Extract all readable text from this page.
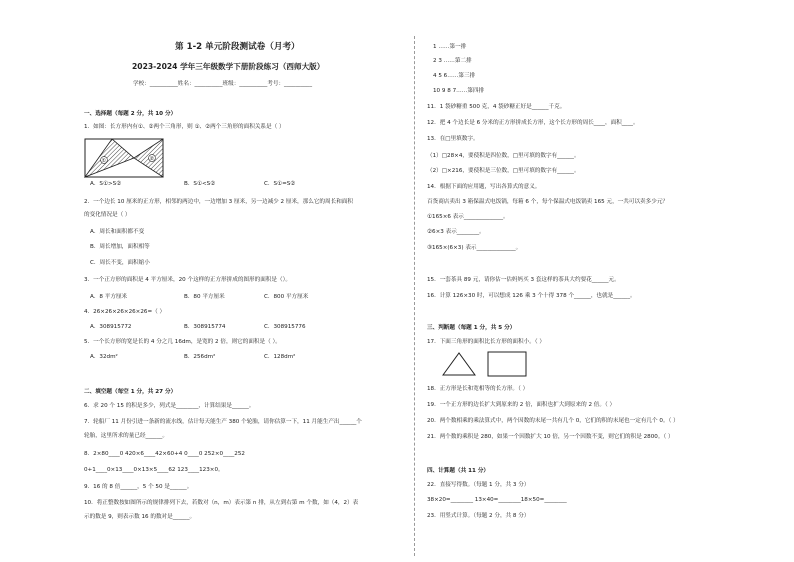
第 1-2 单元阶段测试卷（月考）
2023-2024 学年三年级数学下册阶段练习（西师大版）
学校：__________姓名：__________班级：__________考号：__________
一、选择题（每题 2 分，共 10 分）
1．如图：长方形内有①、②两个三角形，则 ①、②两个三角形的面积关系是（ ）
①	②
A．S①>S②	B．S①<S②	C．S①=S②
2．一个边长 10 厘米的正方形，相邻的两边中，一边增加 3 厘米，另一边减少 2 厘米，那么它的周长和面积
的变化情况是（ ）
A．周长和面积都不变
B．周长增加，面积相等
C．周长不变，面积缩小
3．一个正方形的面积是 4 平方厘米，20 个这样的正方形拼成的图形的面积是（）。
A．8 平方厘米	B．80 平方厘米	C．800 平方厘米
4．26×26×26×26×26=（ ）
A．308915772	B．308915774	C．308915776
5．一个长方形的宽是长的 4 分之几 16dm，是宽的 2 倍，则它的面积是（ ）。
A．32dm²	B．256dm²	C．128dm²
二、填空题（每空 1 分，共 27 分）
6．求 20 个 15 的积是多少，列式是________，计算结果是______。
7．轮船厂 11 月份引进一条新的流水线，估计每天能生产 380 个轮胎，请你估算一下，11 月能生产出______个
轮胎，这里所求的量已经______。
8．2×80____0 420×6____42×60+4 0____0 252×0____252
0+1____0×13____0×13×5____62 123____123×0。
9．16 的 8 倍______，5 个 50 是______。
10．将正整数按如图所示的规律排列下去，若数对（n，m）表示第 n 排，从左到右第 m 个数，如（4，2）表
示的数是 9，则表示数 16 的数对是______。
1 ……第一排
2 3 ……第二排
4 5 6……第三排
10 9 8 7……第四排
11．1 袋砂糖重 500 克，4 袋砂糖正好是______千克。
12．把 4 个边长是 6 分米的正方形拼成长方形，这个长方形的周长____，面积____。
13．在□里填数字。
（1）□28×4，要使积是四位数，□里可填的数字有______。
（2）□×216，要使积是三位数，□里可填的数字有______。
14．根据下面的应用题，写出各算式的意义。
百货商店卖出 3 箱保温式电饭锅，每箱 6 个，每个保温式电饭锅卖 165 元，一共可以卖多少元？
①165×6 表示______________。
②6×3 表示________。
③165×(6×3) 表示______________。
15．一套茶具 89 元，请你估一估妈妈买 3 套这样的茶具大约要花______元。
16．计算 126×30 时，可以想成 126 乘 3 个十得 378 个______，也就是______。
三、判断题（每题 1 分，共 5 分）
17．下面三角形的面积比长方形的面积小。（ ）
18．正方形是长和宽相等的长方形。（ ）
19．一个正方形的边长扩大到原来的 2 倍，面积也扩大到原来的 2 倍。（ ）
20．两个数相乘的乘法算式中，两个因数的末尾一共有几个 0，它们的积的末尾也一定有几个 0。（ ）
21．两个数的乘积是 280，如果一个因数扩大 10 倍，另一个因数不变，则它们的积是 2800。（ ）
四、计算题（共 11 分）
22．直接写得数。（每题 1 分，共 3 分）
38×20=________ 13×40=________18×50=________
23．用竖式计算。（每题 2 分，共 8 分）
